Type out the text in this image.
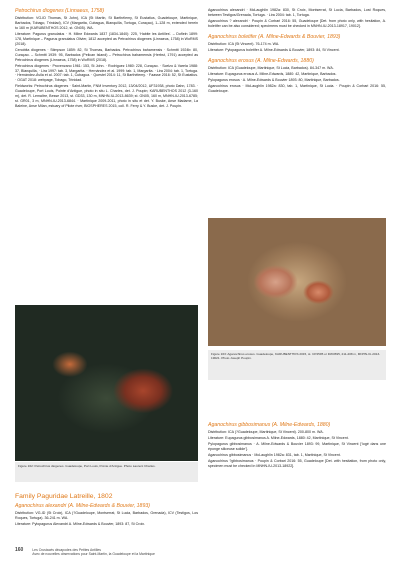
Petrochirus diogenes (Linnaeus, 1758)

Distribution: VG-ID Thomas, St John), ICA (St Martin, St Barthélemy, St Eustatius, Guadeloupe, Martinique, Barbados, Tobago, Trinidad), ICV (Margarita, Cubagua, Blanquilla, Tortuga, Curaçao), 1–128 m, extended herein to 160 m (KARUBENTHOS 2012, st. GN05). WA.

Literature: Pagurus granulatus · H. Milne Edwards 1837 (1834-1840): 225, ‘Habite les Antilles’. – Dofleln 1899: 178, Martinique – Pagurus granulatus Olivier, 1812 accepted as Petrochirus diogenes (Linnaeus, 1758) in WoRMS (2018).

Cenobita diogenes · Stimpson 1859: 82, St Thomas, Barbados. Petrochirus bahamensis · Schmitt 1924b: 80, Curaçao. – Schmitt 1939: 95, Barbados (Pelican Island) – Petrochirus bahamensis (Herbst, 1791) accepted as Petrochirus diogenes (Linnaeus, 1758) in WoRMS (2018).

Petrochirus diogenes · Provenzano 1961: 153, St John. · Rodríguez 1980: 228, Curaçao. · Scelzo & Varela 1988: 37, Blanquilla. · Lira 1997: tab. 3, Margarita. · Hernández et al. 1999: tab. 1, Margarita. · Lira 2004: tab. 1, Tortuga. · Hernández-Ávila et al. 2007: tab. 1, Cubagua. · Questel 2014: 11, St Barthélemy. · Faasse 2016: 52, St Eustatius. · OGAT 2018: webpage, Tobago, Trinidad.

Fieldworks: Petrochirus diogenes · Saint-Martin, FNM Inventory 2012, 13/04/2012, UF31938, photo Dahn, 1783. · Guadeloupe, Port Louis, Pointe d’Antigue, photo in situ L. Charles, det. J. Poupin; KARUBENTHOS 2012 (3-160 m), det. R. Lemaître, Besse 2013, st. GD33, 130 m, MNHN-IU-2013-8639; st. GN05, 160 m, MNHN-IU-2013-6785; st. GR01, 3 m, MNHN-IU-2013-6844. · Martinique 2009-2011, photo in situ et det. Y. Buske, Anse Madame, La Baleine, Anse Milan, estuary of Pilote river, BIOSPHERES 2015, coll. R. Ferry & Y. Buske, det. J. Poupin.

Figure 162: Petrochirus diogenes. Guadeloupe, Port Louis, Pointe d’Antigue. Photo Laurent Charles.
Family Paguridae Latreille, 1802
Aganochirus alexandri (A. Milne-Edwards & Bouvier, 1893)

Distribution: VG-ID (St Croix), ICA (?Guadeloupe, Montserrat, St Lucia, Barbados, Grenada), ICV (Testigos, Los Roques, Tortuga). 36-241 m. WA.

Literature: Pylopagurus Alexandri A. Milne-Edwards & Bouvier, 1893: 87, St Croix.

Aganochirus alexandri · McLaughlin 1982a: 830, St Croix, Montserrat, St Lucia, Barbados, Lost Roques, between Testigos/Grenada, Tortuga. · Lira 2004: tab. 1, Tortuga.

Aganochirus ? alexandri · Poupin & Corbari 2016: 55, Guadeloupe [Det. from photo only, with hesitation, A. boletifer can be also considered; specimens must be checked in MNHN-IU-2013-18917, 19012].

Aganochirus boletifer (A. Milne-Edwards & Bouvier, 1893)

Distribution: ICA (St Vincent). 76-174 m. WA.

Literature: Pylopagurus boletifer A. Milne-Edwards & Bouvier, 1893: 84, St Vincent.

Aganochirus erosus (A. Milne-Edwards, 1880)

Distribution: ICA (Guadeloupe, Martinique, St Lucia, Barbados). 84-347 m. WA.

Literature: Eupagurus erosus A. Milne-Edwards, 1880: 42, Martinique, Barbados.

Pylopagurus erosus · A. Milne-Edwards & Bouvier 1893: 80, Martinique, Barbados.

Aganochirus erosus · McLaughlin 1982a: 830, tab. 1, Martinique, St Lucia. · Poupin & Corbari 2016: 55, Guadeloupe.

Figure 163: Aganochirus erosus. Guadeloupe, KARUBENTHOS 2015, st. CP4595 or DW4595, 211-208 m, MNHN-IU-2013-19021. Photo Joseph Poupin.
Aganochirus gibbosimanus (A. Milne-Edwards, 1880)

Distribution: ICA (?Guadeloupe, Martinique, St Vincent). 200-800 m. WA.

Literature: Eupagurus gibbosimanus A. Milne-Edwards, 1880: 42, Martinique, St Vincent.

Pylopagurus gibbosimanus · A. Milne-Edwards & Bouvier 1893: 99, Martinique, St Vincent [‘logé dans une éponge siliceuse solide’].

Aganochirus gibbosimanus · McLaughlin 1982a: 831, tab. 1, Martinique, St Vincent.

Aganochirus ?gibbosimanus · Poupin & Corbari 2016: 55, Guadeloupe [Det. with hesitation, from photo only, specimen must be checked in MNHN-IU-2013-18922].

160	Les Crustacés décapodes des Petites Antilles
Avec de nouvelles observations pour Saint-Martin, la Guadeloupe et la Martinique
